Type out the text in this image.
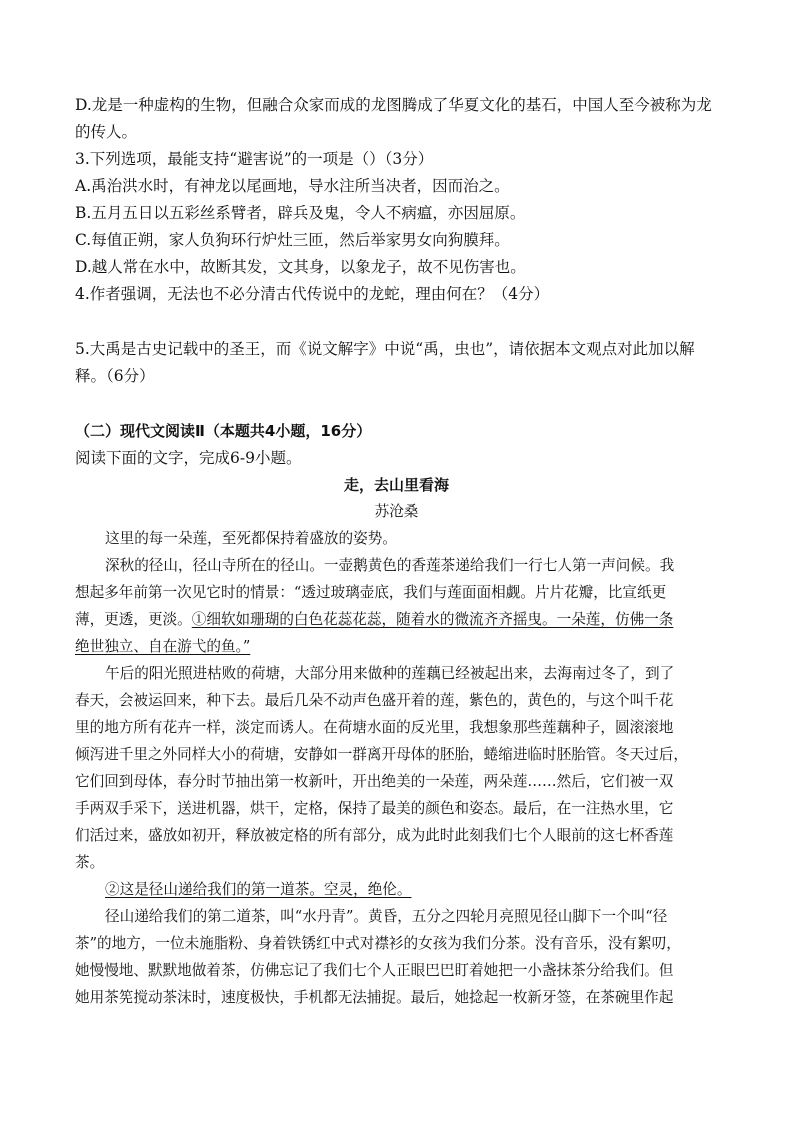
D.龙是一种虚构的生物，但融合众家而成的龙图腾成了华夏文化的基石，中国人至今被称为龙
的传人。
3.下列选项，最能支持“避害说”的一项是（）（3分）
A.禹治洪水时，有神龙以尾画地，导水注所当决者，因而治之。
B.五月五日以五彩丝系臂者，辟兵及鬼，令人不病瘟，亦因屈原。
C.每值正朔，家人负狗环行炉灶三匝，然后举家男女向狗膜拜。
D.越人常在水中，故断其发，文其身，以象龙子，故不见伤害也。
4.作者强调，无法也不必分清古代传说中的龙蛇，理由何在？（4分）
5.大禹是古史记载中的圣王，而《说文解字》中说“禹，虫也”，请依据本文观点对此加以解
释。（6分）
（二）现代文阅读Ⅱ（本题共4小题，16分）
阅读下面的文字，完成6-9小题。
走，去山里看海
苏沧桑
这里的每一朵莲，至死都保持着盛放的姿势。
深秋的径山，径山寺所在的径山。一壶鹅黄色的香莲茶递给我们一行七人第一声问候。我
想起多年前第一次见它时的情景：“透过玻璃壶底，我们与莲面面相觑。片片花瓣，比宣纸更
薄，更透，更淡。①细软如珊瑚的白色花蕊花蕊，随着水的微流齐齐摇曳。一朵莲，仿佛一条
绝世独立、自在游弋的鱼。”
午后的阳光照进枯败的荷塘，大部分用来做种的莲藕已经被起出来，去海南过冬了，到了
春天，会被运回来，种下去。最后几朵不动声色盛开着的莲，紫色的，黄色的，与这个叫千花
里的地方所有花卉一样，淡定而诱人。在荷塘水面的反光里，我想象那些莲藕种子，圆滚滚地
倾泻进千里之外同样大小的荷塘，安静如一群离开母体的胚胎，蜷缩进临时胚胎管。冬天过后，
它们回到母体，春分时节抽出第一枚新叶，开出绝美的一朵莲，两朵莲……然后，它们被一双
手两双手采下，送进机器，烘干，定格，保持了最美的颜色和姿态。最后，在一注热水里，它
们活过来，盛放如初开，释放被定格的所有部分，成为此时此刻我们七个人眼前的这七杯香莲
茶。
②这是径山递给我们的第一道茶。空灵，绝伦。
径山递给我们的第二道茶，叫“水丹青”。黄昏，五分之四轮月亮照见径山脚下一个叫“径
茶”的地方，一位未施脂粉、身着铁锈红中式对襟衫的女孩为我们分茶。没有音乐，没有絮叨，
她慢慢地、默默地做着茶，仿佛忘记了我们七个人正眼巴巴盯着她把一小盏抹茶分给我们。但
她用茶筅搅动茶沫时，速度极快，手机都无法捕捉。最后，她捻起一枚新牙签，在茶碗里作起
